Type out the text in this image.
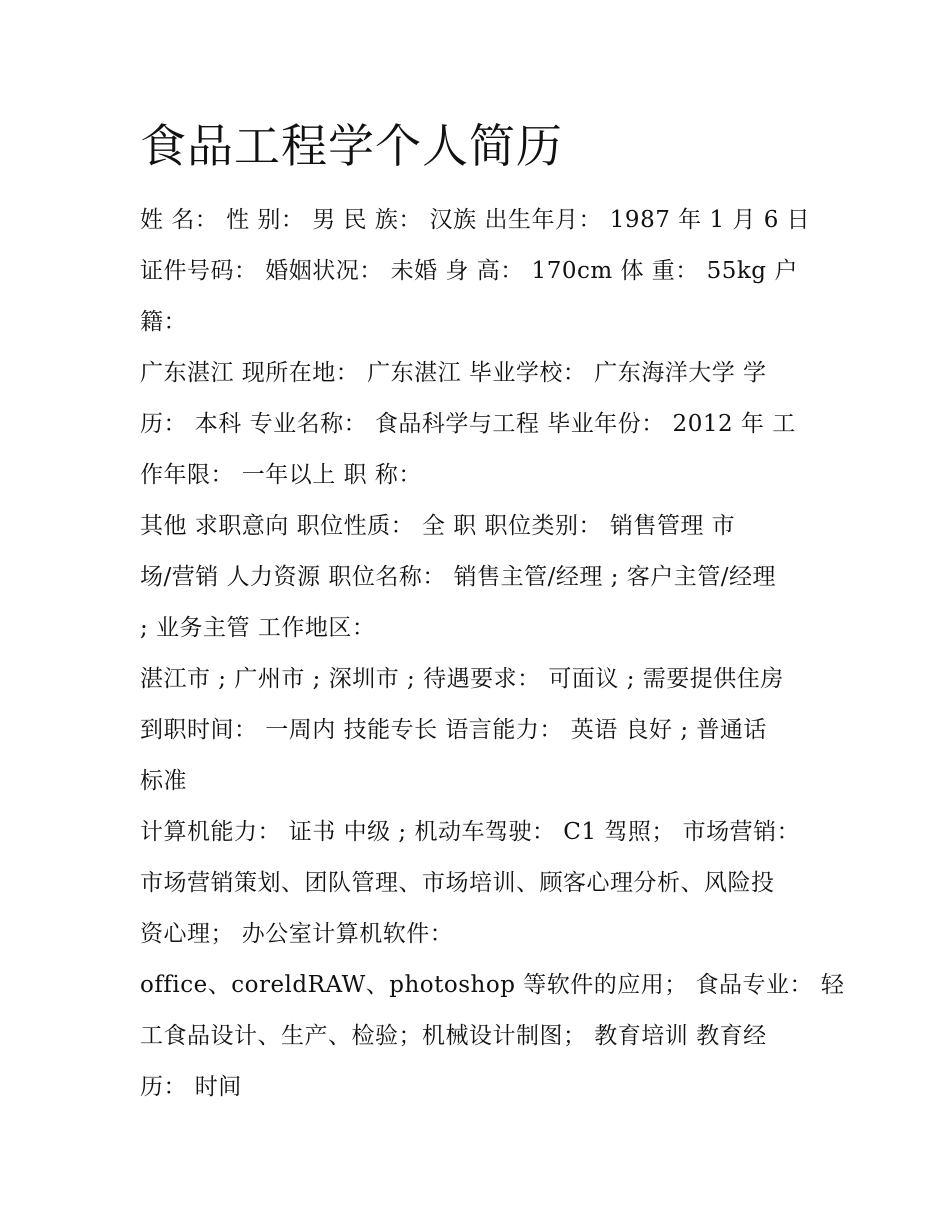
食品工程学个人简历
姓 名： 性 别： 男 民 族： 汉族 出生年月： 1987 年 1 月 6 日
证件号码： 婚姻状况： 未婚 身 高： 170cm 体 重： 55kg 户
籍：
广东湛江 现所在地： 广东湛江 毕业学校： 广东海洋大学 学
历： 本科 专业名称： 食品科学与工程 毕业年份： 2012 年 工
作年限： 一年以上 职 称：
其他 求职意向 职位性质： 全 职 职位类别： 销售管理 市
场/营销 人力资源 职位名称： 销售主管/经理 ; 客户主管/经理
; 业务主管 工作地区：
湛江市 ; 广州市 ; 深圳市 ; 待遇要求： 可面议 ; 需要提供住房
到职时间： 一周内 技能专长 语言能力： 英语 良好 ; 普通话
标准
计算机能力： 证书 中级 ; 机动车驾驶： C1 驾照； 市场营销：
市场营销策划、团队管理、市场培训、顾客心理分析、风险投
资心理； 办公室计算机软件：
office、coreldRAW、photoshop 等软件的应用； 食品专业： 轻
工食品设计、生产、检验；机械设计制图； 教育培训 教育经
历： 时间
